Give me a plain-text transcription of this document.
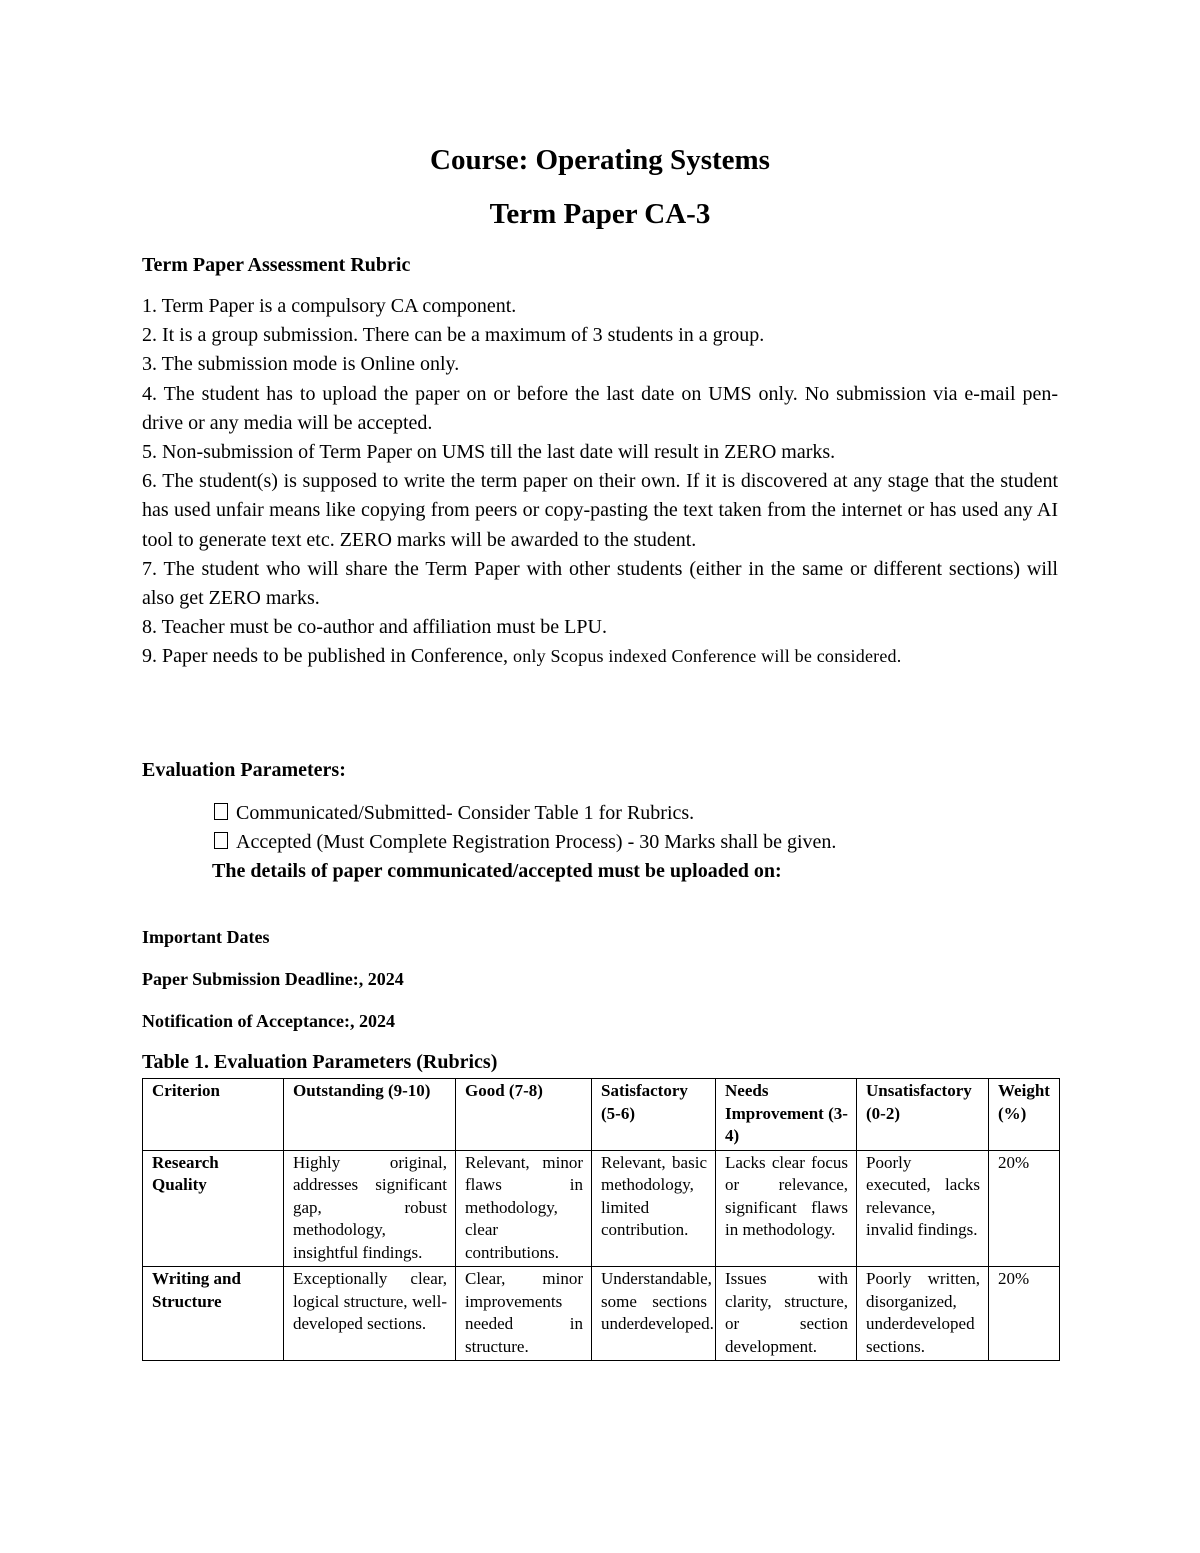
Course: Operating Systems
Term Paper CA-3
Term Paper Assessment Rubric

1. Term Paper is a compulsory CA component.

2. It is a group submission. There can be a maximum of 3 students in a group.

3. The submission mode is Online only.

4. The student has to upload the paper on or before the last date on UMS only. No submission via e-mail pen-drive or any media will be accepted.

5. Non-submission of Term Paper on UMS till the last date will result in ZERO marks.

6. The student(s) is supposed to write the term paper on their own. If it is discovered at any stage that the student has used unfair means like copying from peers or copy-pasting the text taken from the internet or has used any AI tool to generate text etc. ZERO marks will be awarded to the student.

7. The student who will share the Term Paper with other students (either in the same or different sections) will also get ZERO marks.

8. Teacher must be co-author and affiliation must be LPU.

9. Paper needs to be published in Conference, only Scopus indexed Conference will be considered.

Evaluation Parameters:

Communicated/Submitted- Consider Table 1 for Rubrics.

Accepted (Must Complete Registration Process) - 30 Marks shall be given.

The details of paper communicated/accepted must be uploaded on:

Important Dates
Paper Submission Deadline:, 2024
Notification of Acceptance:, 2024
Table 1. Evaluation Parameters (Rubrics)
Criterion	Outstanding (9-10)	Good (7-8)	Satisfactory (5-6)	Needs Improvement (3-4)	Unsatisfactory (0-2)	Weight (%)
Research Quality	Highly original, addresses significant gap, robust methodology, insightful findings.	Relevant, minor flaws in methodology, clear contributions.	Relevant, basic methodology, limited contribution.	Lacks clear focus or relevance, significant flaws in methodology.	Poorly executed, lacks relevance, invalid findings.	20%
Writing and Structure	Exceptionally clear, logical structure, well-developed sections.	Clear, minor improvements needed in structure.	Understandable, some sections underdeveloped.	Issues with clarity, structure, or section development.	Poorly written, disorganized, underdeveloped sections.	20%
